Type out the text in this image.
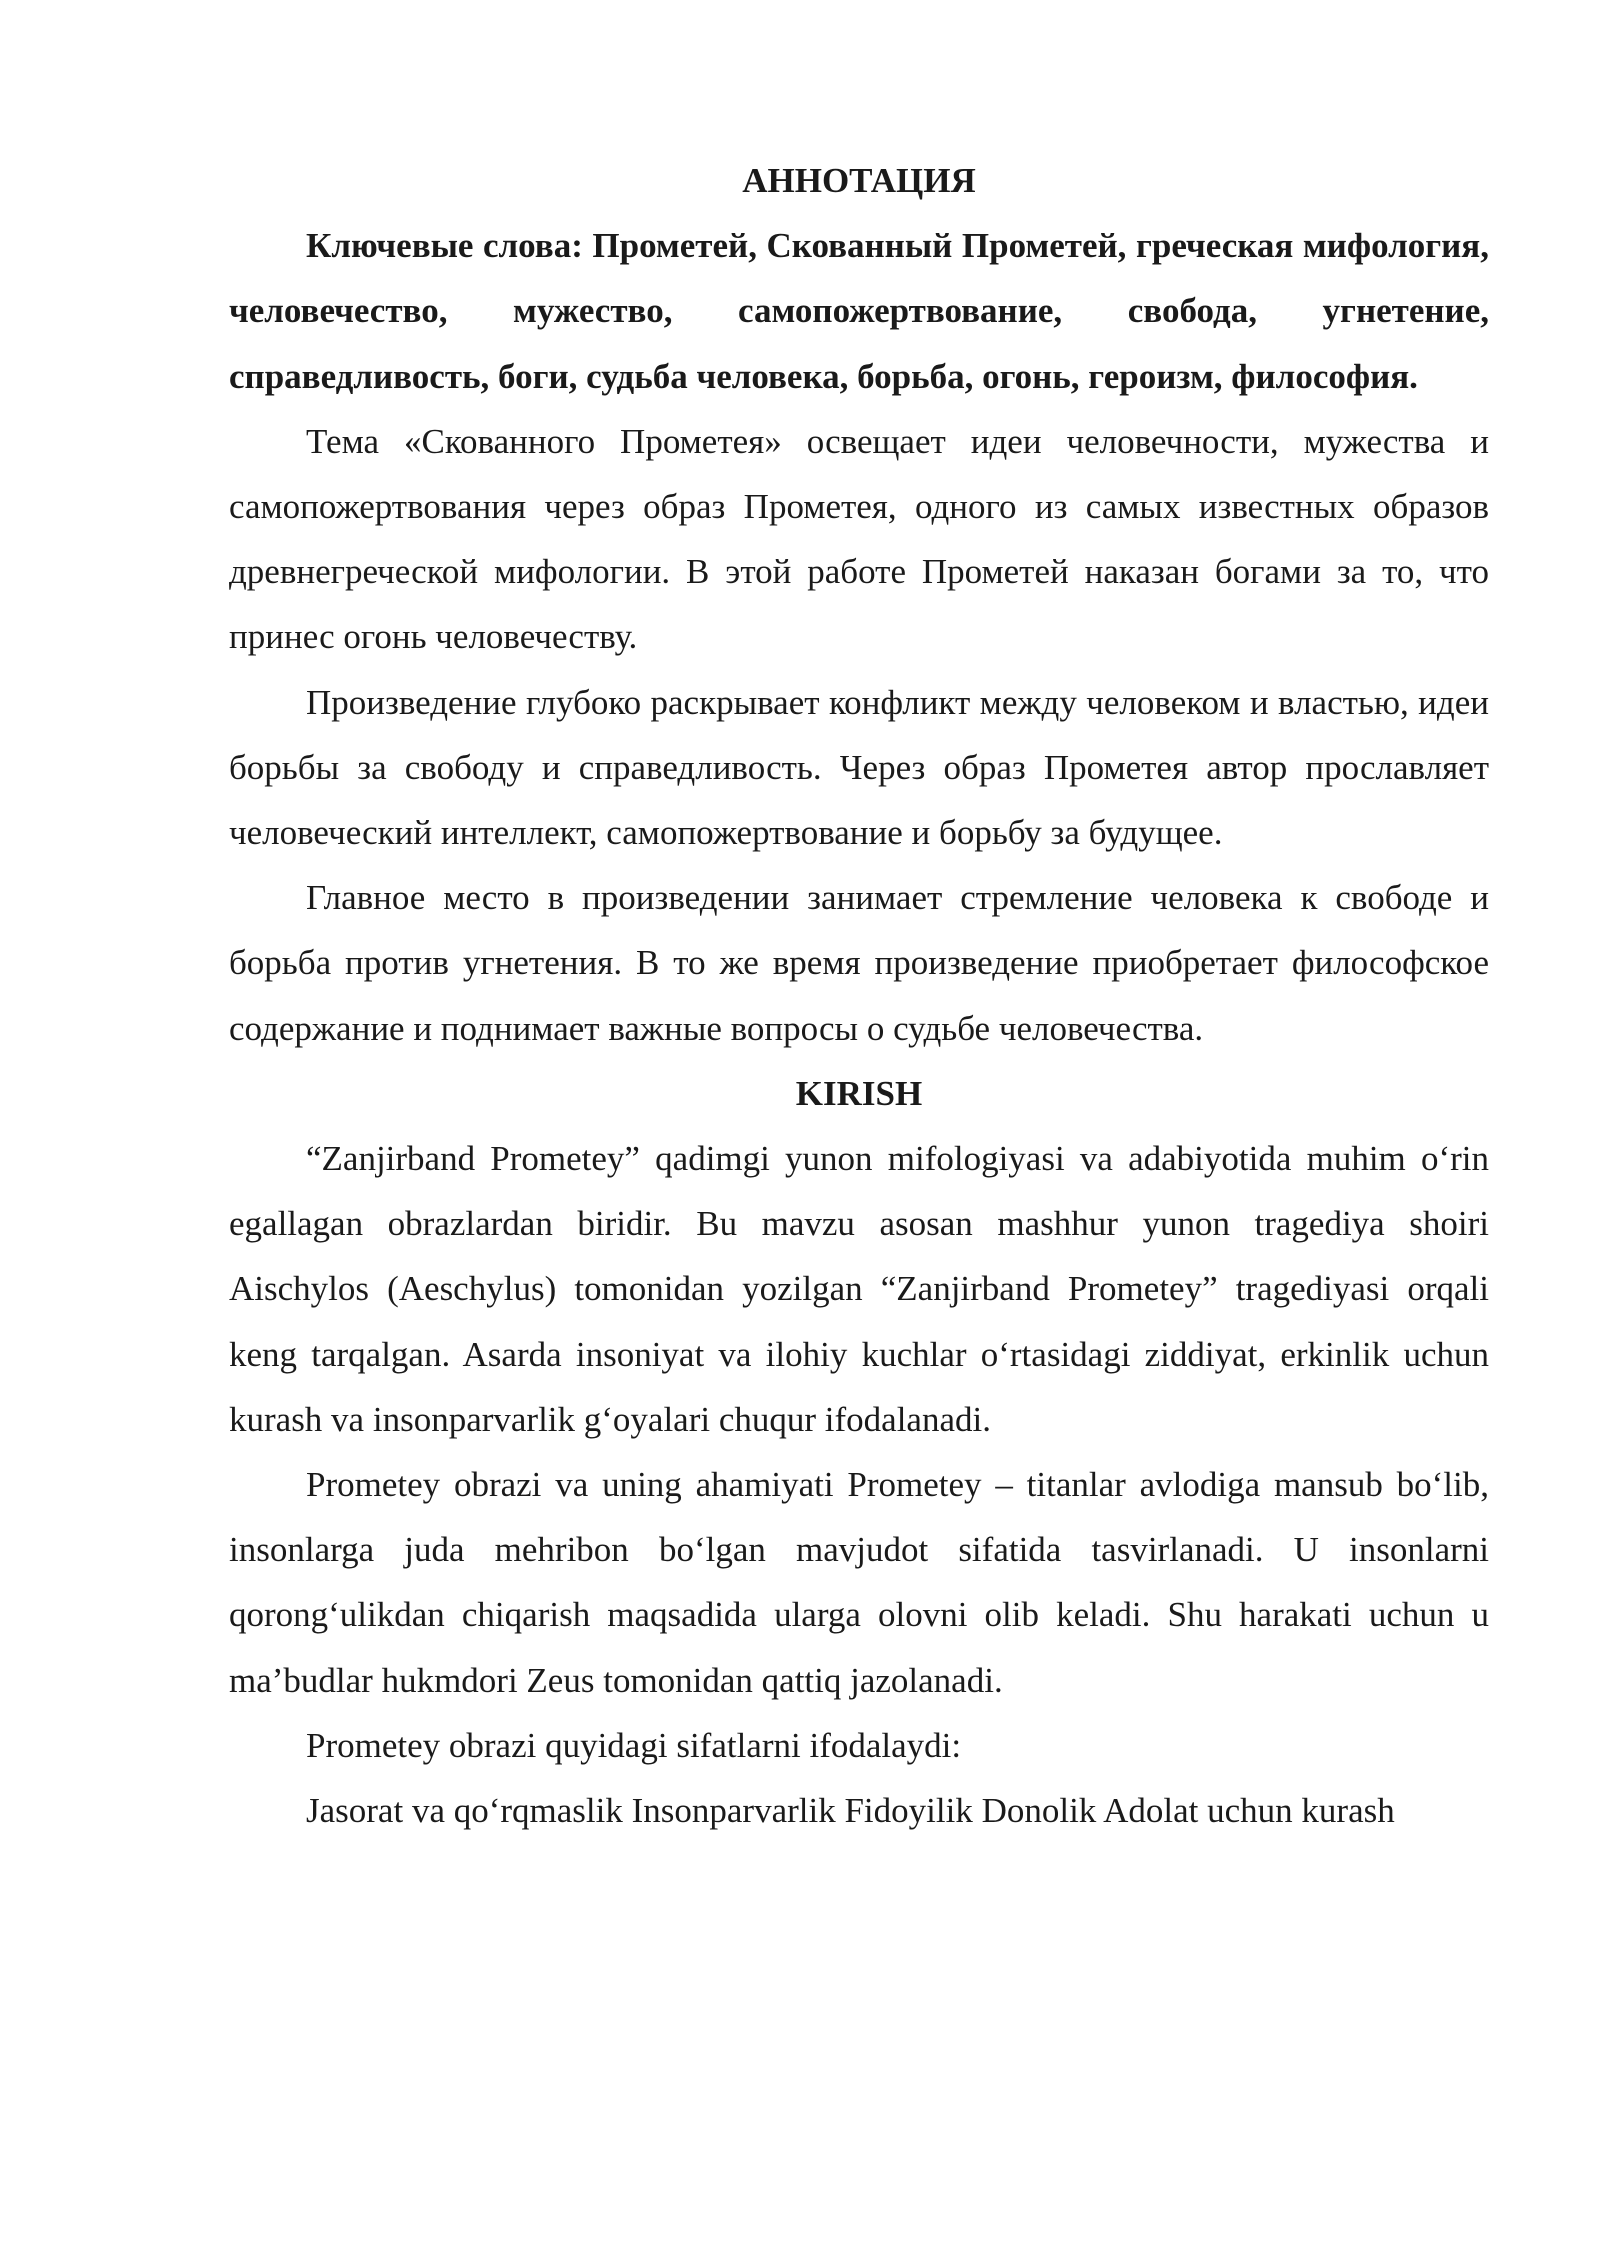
АННОТАЦИЯ

Ключевые слова: Прометей, Скованный Прометей, греческая мифология, человечество, мужество, самопожертвование, свобода, угнетение, справедливость, боги, судьба человека, борьба, огонь, героизм, философия.

Тема «Скованного Прометея» освещает идеи человечности, мужества и самопожертвования через образ Прометея, одного из самых известных образов древнегреческой мифологии. В этой работе Прометей наказан богами за то, что принес огонь человечеству.

Произведение глубоко раскрывает конфликт между человеком и властью, идеи борьбы за свободу и справедливость. Через образ Прометея автор прославляет человеческий интеллект, самопожертвование и борьбу за будущее.

Главное место в произведении занимает стремление человека к свободе и борьба против угнетения. В то же время произведение приобретает философское содержание и поднимает важные вопросы о судьбе человечества.

KIRISH

“Zanjirband Prometey” qadimgi yunon mifologiyasi va adabiyotida muhim o‘rin egallagan obrazlardan biridir. Bu mavzu asosan mashhur yunon tragediya shoiri Aischylos (Aeschylus) tomonidan yozilgan “Zanjirband Prometey” tragediyasi orqali keng tarqalgan. Asarda insoniyat va ilohiy kuchlar o‘rtasidagi ziddiyat, erkinlik uchun kurash va insonparvarlik g‘oyalari chuqur ifodalanadi.

Prometey obrazi va uning ahamiyati Prometey – titanlar avlodiga mansub bo‘lib, insonlarga juda mehribon bo‘lgan mavjudot sifatida tasvirlanadi. U insonlarni qorong‘ulikdan chiqarish maqsadida ularga olovni olib keladi. Shu harakati uchun u ma’budlar hukmdori Zeus tomonidan qattiq jazolanadi.

Prometey obrazi quyidagi sifatlarni ifodalaydi:

Jasorat va qo‘rqmaslik Insonparvarlik Fidoyilik Donolik Adolat uchun kurash
